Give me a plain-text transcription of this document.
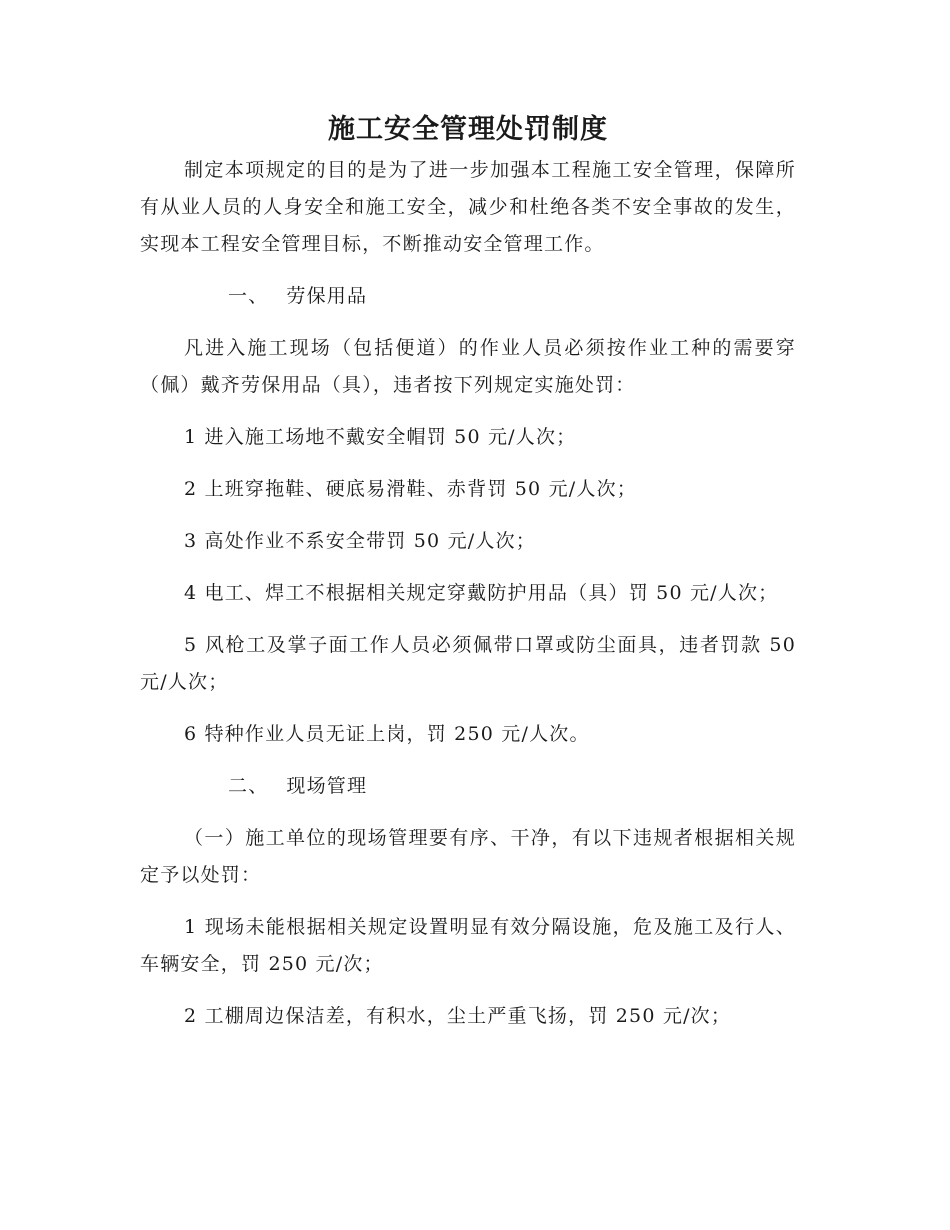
施工安全管理处罚制度

制定本项规定的目的是为了进一步加强本工程施工安全管理，保障所有从业人员的人身安全和施工安全，减少和杜绝各类不安全事故的发生，实现本工程安全管理目标，不断推动安全管理工作。

一、 劳保用品

凡进入施工现场（包括便道）的作业人员必须按作业工种的需要穿（佩）戴齐劳保用品（具），违者按下列规定实施处罚：

1 进入施工场地不戴安全帽罚 50 元/人次；

2 上班穿拖鞋、硬底易滑鞋、赤背罚 50 元/人次；

3 高处作业不系安全带罚 50 元/人次；

4 电工、焊工不根据相关规定穿戴防护用品（具）罚 50 元/人次；

5 风枪工及掌子面工作人员必须佩带口罩或防尘面具，违者罚款 50 元/人次；

6 特种作业人员无证上岗，罚 250 元/人次。

二、 现场管理

（一）施工单位的现场管理要有序、干净，有以下违规者根据相关规定予以处罚：

1 现场未能根据相关规定设置明显有效分隔设施，危及施工及行人、车辆安全，罚 250 元/次；

2 工棚周边保洁差，有积水，尘土严重飞扬，罚 250 元/次；
